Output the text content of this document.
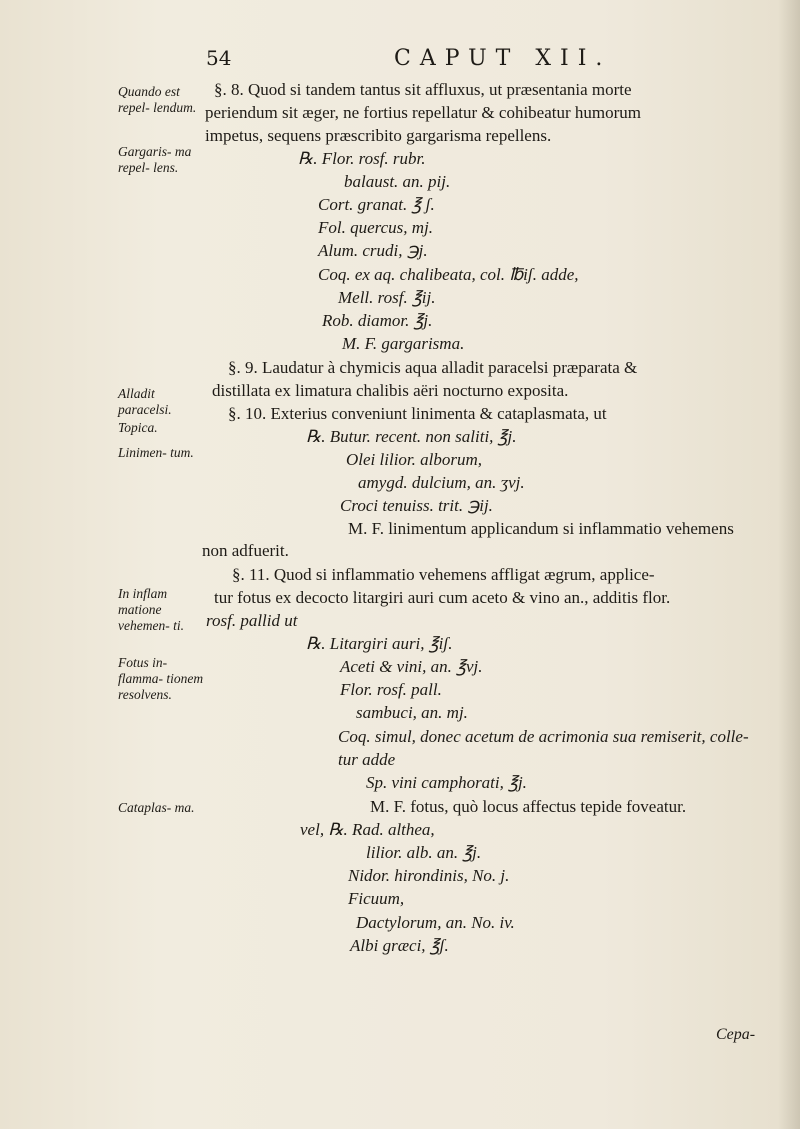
54	CAPUT XII.
Quando est repel- lendum.
Gargaris- ma repel- lens.
Alladit paracelsi.
Topica.
Linimen- tum.
In inflam matione vehemen- ti.
Fotus in- flamma- tionem resolvens.
Cataplas- ma.
§. 8. Quod si tandem tantus sit affluxus, ut præsentania morte
periendum sit æger, ne fortius repellatur & cohibeatur humorum
impetus, sequens præscribito gargarisma repellens.
℞. Flor. rosf. rubr.
balaust. an. pij.
Cort. granat. ℥ ʃ.
Fol. quercus, mj.
Alum. crudi, ℈j.
Coq. ex aq. chalibeata, col. ℔iʃ. adde,
Mell. rosf. ℥ij.
Rob. diamor. ℥j.
M. F. gargarisma.
§. 9. Laudatur à chymicis aqua alladit paracelsi præparata &
distillata ex limatura chalibis aëri nocturno exposita.
§. 10. Exterius conveniunt linimenta & cataplasmata, ut
℞. Butur. recent. non saliti, ℥j.
Olei lilior. alborum,
amygd. dulcium, an. ʒvj.
Croci tenuiss. trit. ℈ij.
M. F. linimentum applicandum si inflammatio vehemens
non adfuerit.
§. 11. Quod si inflammatio vehemens affligat ægrum, applice-
tur fotus ex decocto litargiri auri cum aceto & vino an., additis flor.
rosf. pallid ut
℞. Litargiri auri, ℥iʃ.
Aceti & vini, an. ℥vj.
Flor. rosf. pall.
sambuci, an. mj.
Coq. simul, donec acetum de acrimonia sua remiserit, colle-
tur adde
Sp. vini camphorati, ℥j.
M. F. fotus, quò locus affectus tepide foveatur.
vel, ℞. Rad. althea,
lilior. alb. an. ℥j.
Nidor. hirondinis, No. j.
Ficuum,
Dactylorum, an. No. iv.
Albi græci, ℥ʃ.
Cepa-
